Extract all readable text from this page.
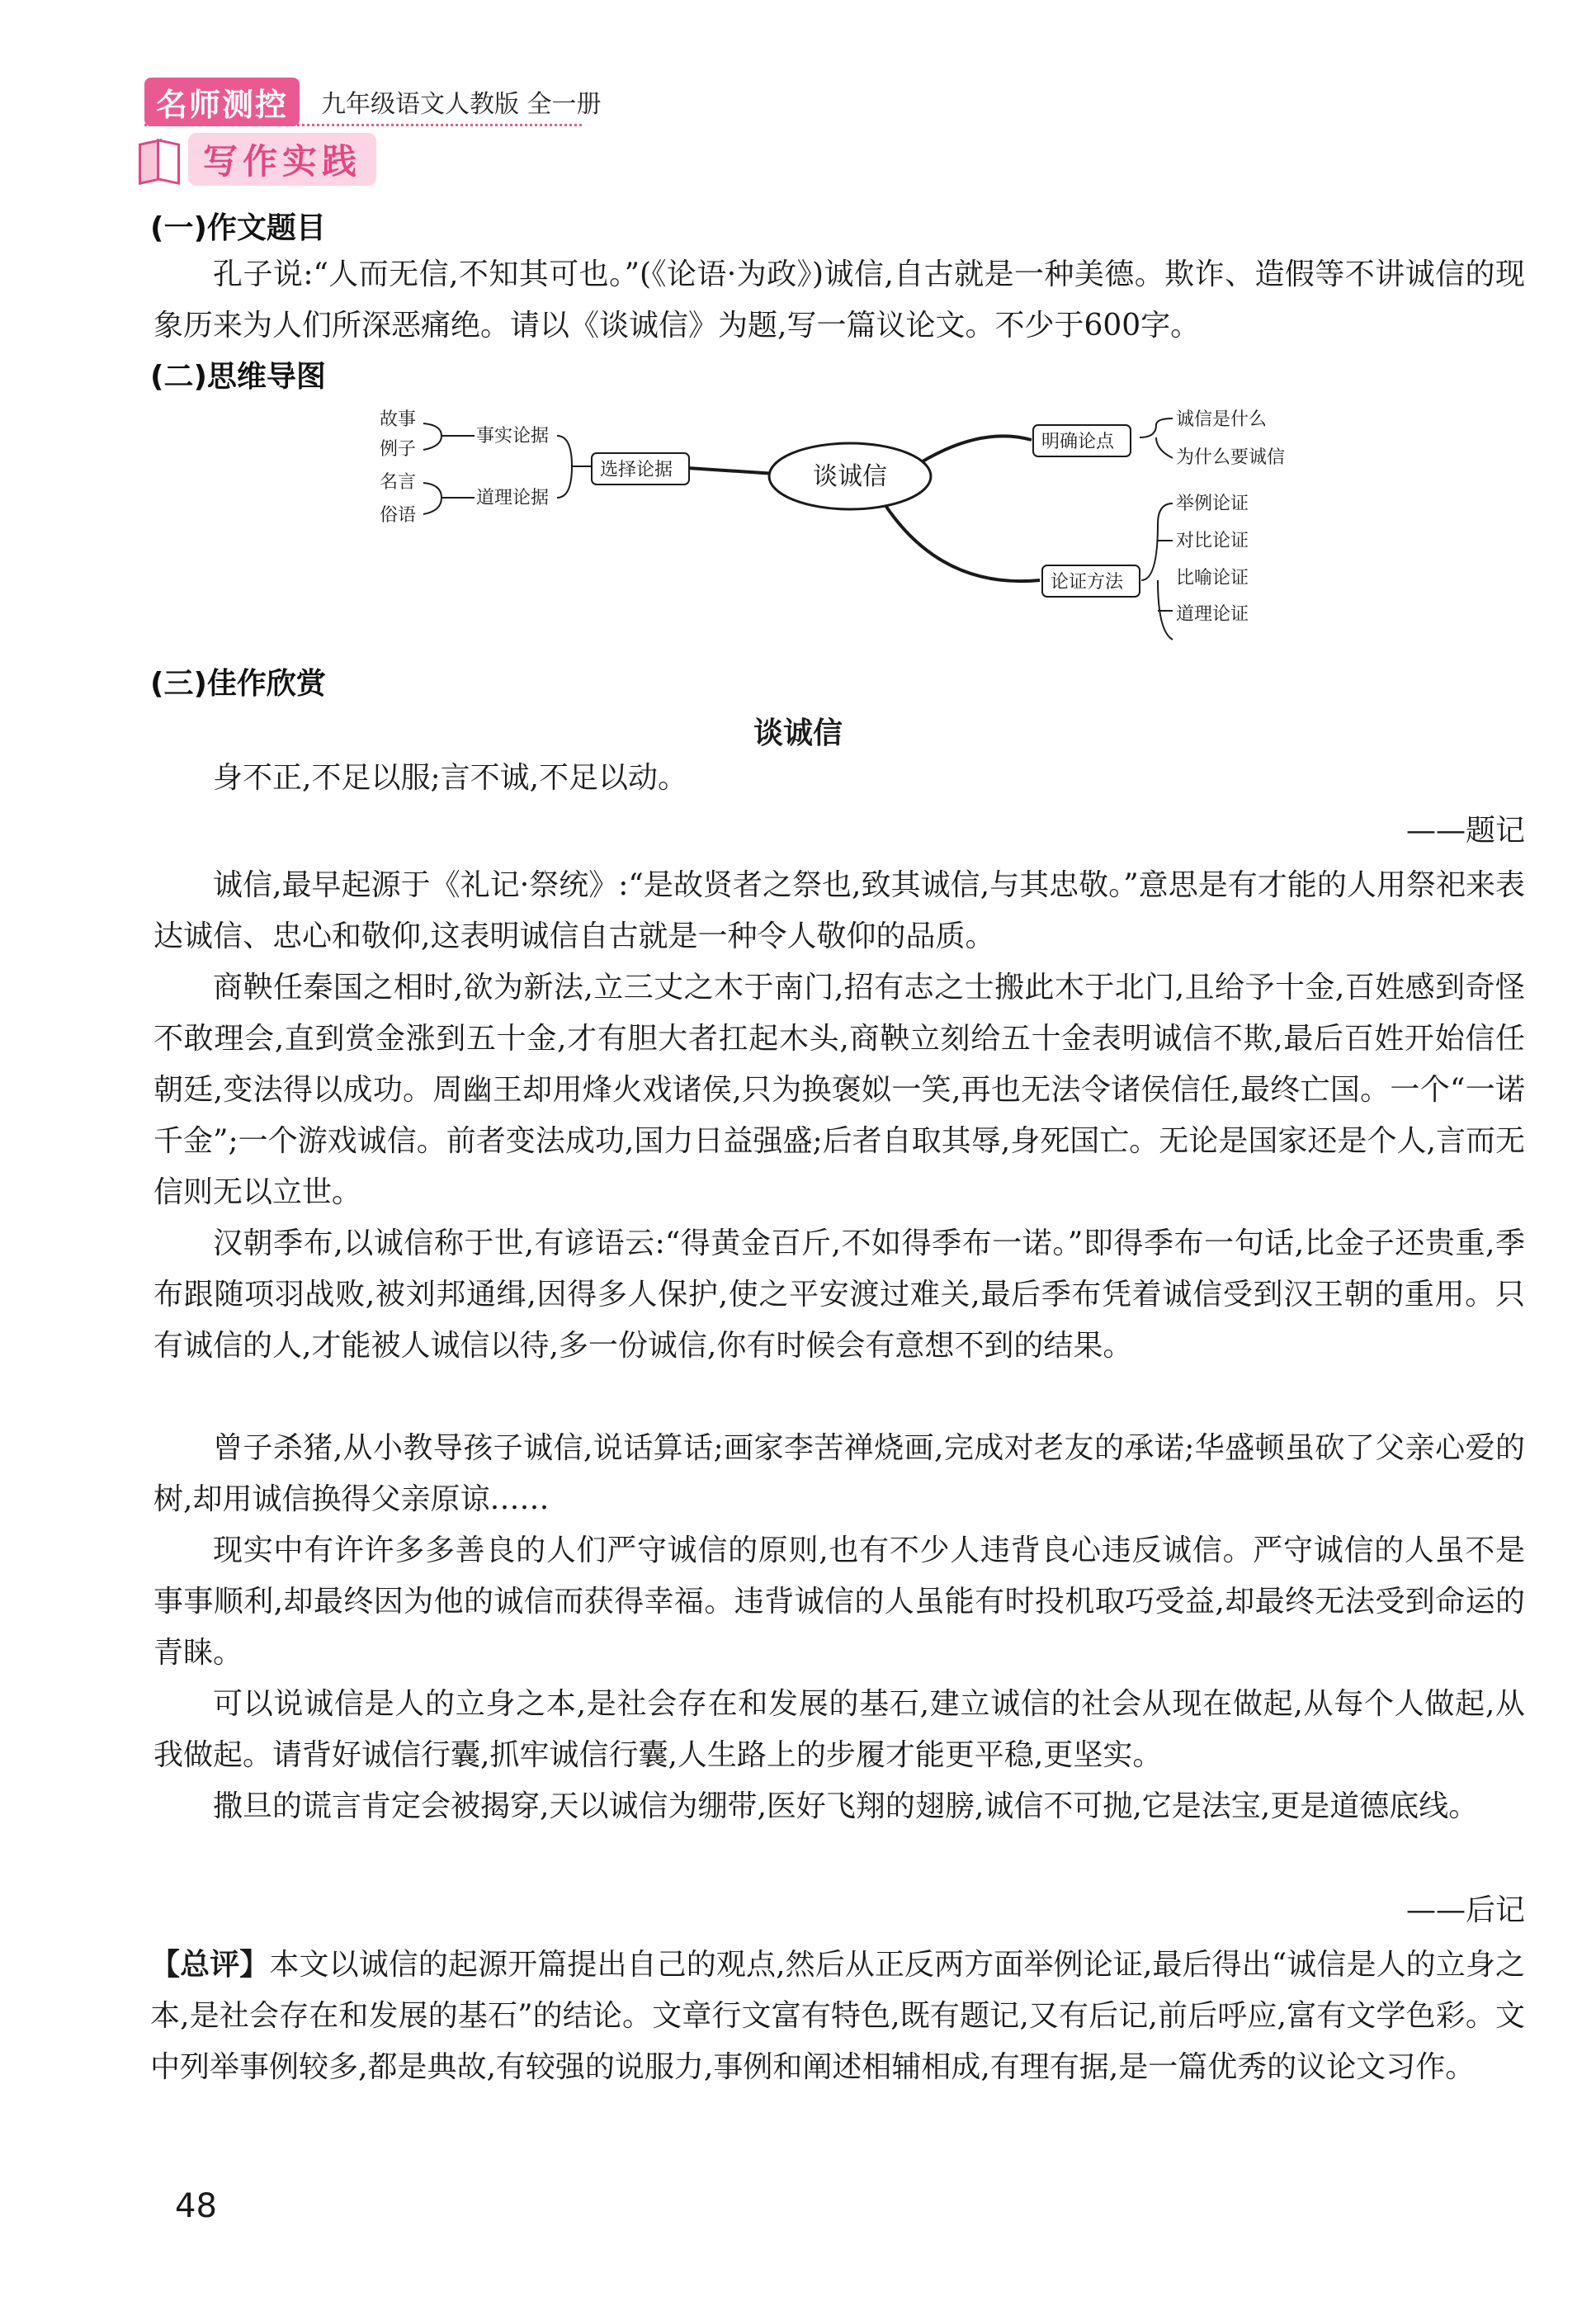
名师测控	九年级语文人教版 全一册
写作实践
(一)作文题目

孔子说:“人而无信,不知其可也。”(《论语·为政》)诚信,自古就是一种美德。欺诈、造假等不讲诚信的现象历来为人们所深恶痛绝。请以《谈诚信》为题,写一篇议论文。不少于600字。

(二)思维导图
故事
例子
名言
俗语
事实论据
道理论据
选择论据
明确论点
论证方法
诚信是什么
为什么要诚信
举例论证
对比论证
比喻论证
道理论证
谈诚信
(三)佳作欣赏
谈诚信

身不正,不足以服;言不诚,不足以动。

——题记

诚信,最早起源于《礼记·祭统》:“是故贤者之祭也,致其诚信,与其忠敬。”意思是有才能的人用祭祀来表达诚信、忠心和敬仰,这表明诚信自古就是一种令人敬仰的品质。

商鞅任秦国之相时,欲为新法,立三丈之木于南门,招有志之士搬此木于北门,且给予十金,百姓感到奇怪不敢理会,直到赏金涨到五十金,才有胆大者扛起木头,商鞅立刻给五十金表明诚信不欺,最后百姓开始信任朝廷,变法得以成功。周幽王却用烽火戏诸侯,只为换褒姒一笑,再也无法令诸侯信任,最终亡国。一个“一诺千金”;一个游戏诚信。前者变法成功,国力日益强盛;后者自取其辱,身死国亡。无论是国家还是个人,言而无信则无以立世。

汉朝季布,以诚信称于世,有谚语云:“得黄金百斤,不如得季布一诺。”即得季布一句话,比金子还贵重,季布跟随项羽战败,被刘邦通缉,因得多人保护,使之平安渡过难关,最后季布凭着诚信受到汉王朝的重用。只有诚信的人,才能被人诚信以待,多一份诚信,你有时候会有意想不到的结果。

曾子杀猪,从小教导孩子诚信,说话算话;画家李苦禅烧画,完成对老友的承诺;华盛顿虽砍了父亲心爱的树,却用诚信换得父亲原谅……

现实中有许许多多善良的人们严守诚信的原则,也有不少人违背良心违反诚信。严守诚信的人虽不是事事顺利,却最终因为他的诚信而获得幸福。违背诚信的人虽能有时投机取巧受益,却最终无法受到命运的青睐。

可以说诚信是人的立身之本,是社会存在和发展的基石,建立诚信的社会从现在做起,从每个人做起,从我做起。请背好诚信行囊,抓牢诚信行囊,人生路上的步履才能更平稳,更坚实。

撒旦的谎言肯定会被揭穿,天以诚信为绷带,医好飞翔的翅膀,诚信不可抛,它是法宝,更是道德底线。

——后记

【总评】本文以诚信的起源开篇提出自己的观点,然后从正反两方面举例论证,最后得出“诚信是人的立身之本,是社会存在和发展的基石”的结论。文章行文富有特色,既有题记,又有后记,前后呼应,富有文学色彩。文中列举事例较多,都是典故,有较强的说服力,事例和阐述相辅相成,有理有据,是一篇优秀的议论文习作。

48
